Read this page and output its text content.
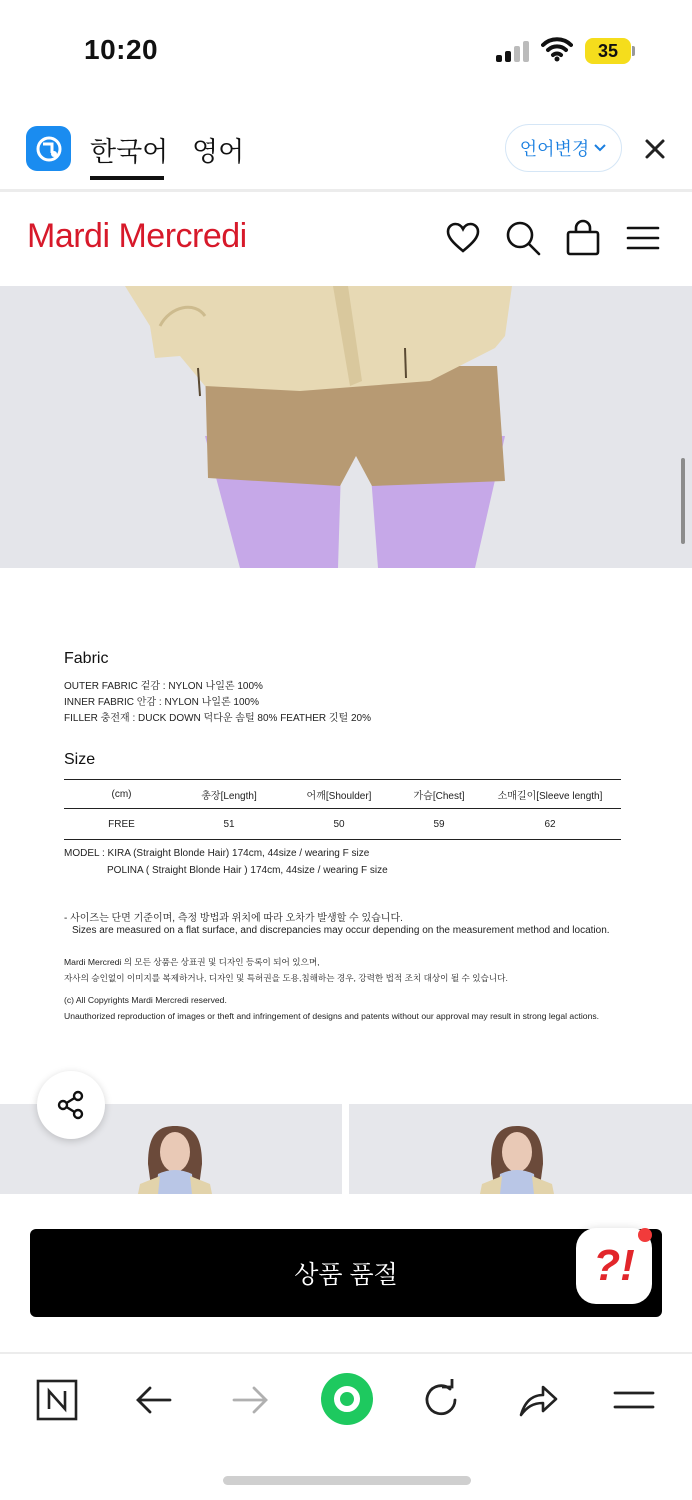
10:20	35
한국어 영어	언어변경
Mardi Mercredi
Fabric
OUTER FABRIC 겉감 : NYLON 나일론 100%
INNER FABRIC 안감 : NYLON 나일론 100%
FILLER 충전재 : DUCK DOWN 덕다운 솜털 80% FEATHER 깃털 20%
Size
(cm)	총장[Length]	어깨[Shoulder]	가슴[Chest]	소매길이[Sleeve length]
FREE	51	50	59	62
MODEL : KIRA (Straight Blonde Hair) 174cm, 44size / wearing F size
POLINA ( Straight Blonde Hair ) 174cm, 44size / wearing F size
- 사이즈는 단면 기준이며, 측정 방법과 위치에 따라 오차가 발생할 수 있습니다.
Sizes are measured on a flat surface, and discrepancies may occur depending on the measurement method and location.
Mardi Mercredi 의 모든 상품은 상표권 및 디자인 등록이 되어 있으며,
자사의 승인없이 이미지를 복제하거나, 디자인 및 특허권을 도용,침해하는 경우, 강력한 법적 조치 대상이 될 수 있습니다.
(c) All Copyrights Mardi Mercredi reserved.
Unauthorized reproduction of images or theft and infringement of designs and patents without our approval may result in strong legal actions.
상품 품절	?!
